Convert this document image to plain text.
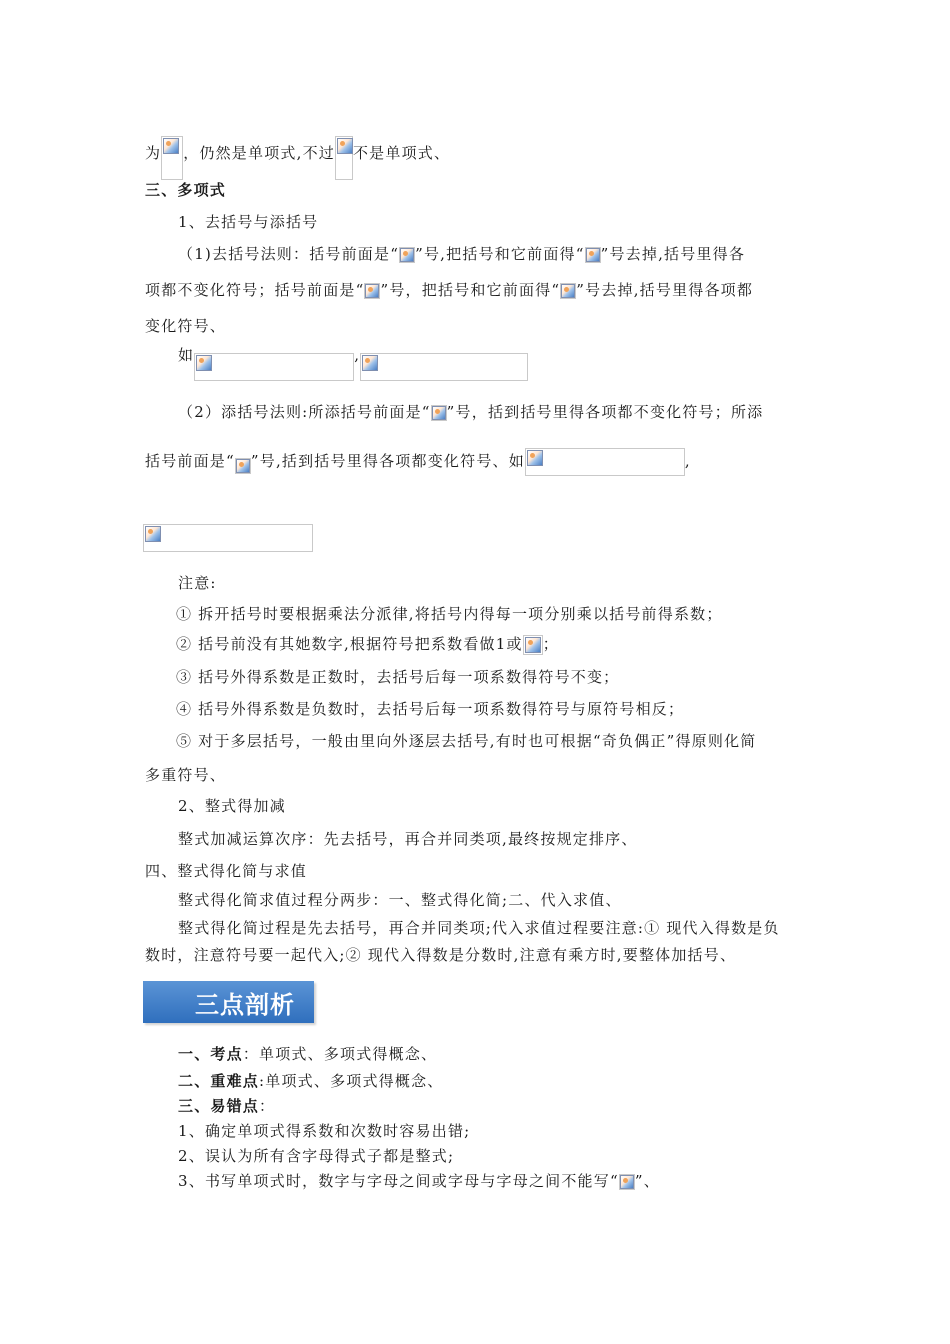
为 ，仍然是单项式,不过 不是单项式、
三、多项式
1、去括号与添括号
（1)去括号法则：括号前面是“ ”号,把括号和它前面得“ ”号去掉,括号里得各
项都不变化符号；括号前面是“ ”号，把括号和它前面得“ ”号去掉,括号里得各项都
变化符号、
如	,
（2）添括号法则:所添括号前面是“ ”号，括到括号里得各项都不变化符号；所添
括号前面是“ ”号,括到括号里得各项都变化符号、如	,
注意:
① 拆开括号时要根据乘法分派律,将括号内得每一项分别乘以括号前得系数；
② 括号前没有其她数字,根据符号把系数看做1或 ；
③ 括号外得系数是正数时，去括号后每一项系数得符号不变；
④ 括号外得系数是负数时，去括号后每一项系数得符号与原符号相反；
⑤ 对于多层括号，一般由里向外逐层去括号,有时也可根据“奇负偶正”得原则化简
多重符号、
2、整式得加减
整式加减运算次序：先去括号，再合并同类项,最终按规定排序、
四、整式得化简与求值
整式得化简求值过程分两步：一、整式得化简;二、代入求值、
整式得化简过程是先去括号，再合并同类项;代入求值过程要注意:① 现代入得数是负
数时，注意符号要一起代入;② 现代入得数是分数时,注意有乘方时,要整体加括号、
三点剖析
一、考点：单项式、多项式得概念、
二、重难点:单项式、多项式得概念、
三、易错点：
1、确定单项式得系数和次数时容易出错;
2、误认为所有含字母得式子都是整式;
3、书写单项式时，数字与字母之间或字母与字母之间不能写“ ”、
